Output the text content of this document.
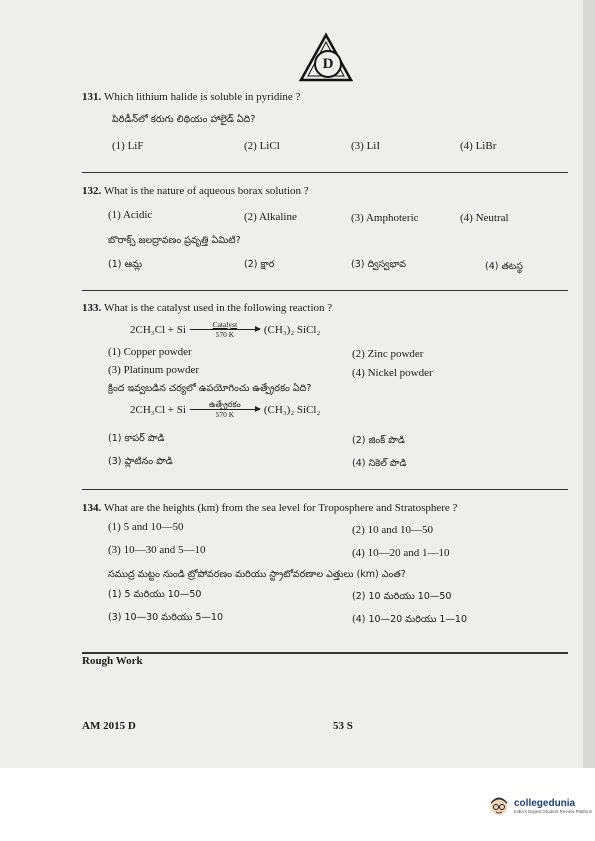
D
131. Which lithium halide is soluble in pyridine ?
పిరిడీన్‌లో కరుగు లిథియం హాలైడ్ ఏది?
(1) LiF	(2) LiCl	(3) LiI	(4) LiBr
132. What is the nature of aqueous borax solution ?
(1) Acidic	(2) Alkaline	(3) Amphoteric	(4) Neutral
బొరాక్స్ జలద్రావణం ప్రవృత్తి ఏమిటి?
(1) ఆమ్ల	(2) క్షార	(3) ద్విస్వభావ	(4) తటస్థ
133. What is the catalyst used in the following reaction ?
2CH₃Cl + Si	Catalyst
570 K	(CH₃)₂ SiCl₂
(1) Copper powder	(2) Zinc powder
(3) Platinum powder	(4) Nickel powder
క్రింద ఇవ్వబడిన చర్యలో ఉపయోగించు ఉత్ప్రేరకం ఏది?
2CH₃Cl + Si	ఉత్ప్రేరకం
570 K	(CH₃)₂ SiCl₂
(1) కాపర్ పొడి	(2) జింక్ పొడి
(3) ప్లాటినం పొడి	(4) నికెల్ పొడి
134. What are the heights (km) from the sea level for Troposphere and Stratosphere ?
(1) 5 and 10—50	(2) 10 and 10—50
(3) 10—30 and 5—10	(4) 10—20 and 1—10
సముద్ర మట్టం నుండి ట్రోపోవరణం మరియు స్ట్రాటోవరణాల ఎత్తులు (km) ఎంత?
(1) 5 మరియు 10—50	(2) 10 మరియు 10—50
(3) 10—30 మరియు 5—10	(4) 10—20 మరియు 1—10
Rough Work
AM 2015 D	53 S
collegedunia
India's largest Student Review Platform
